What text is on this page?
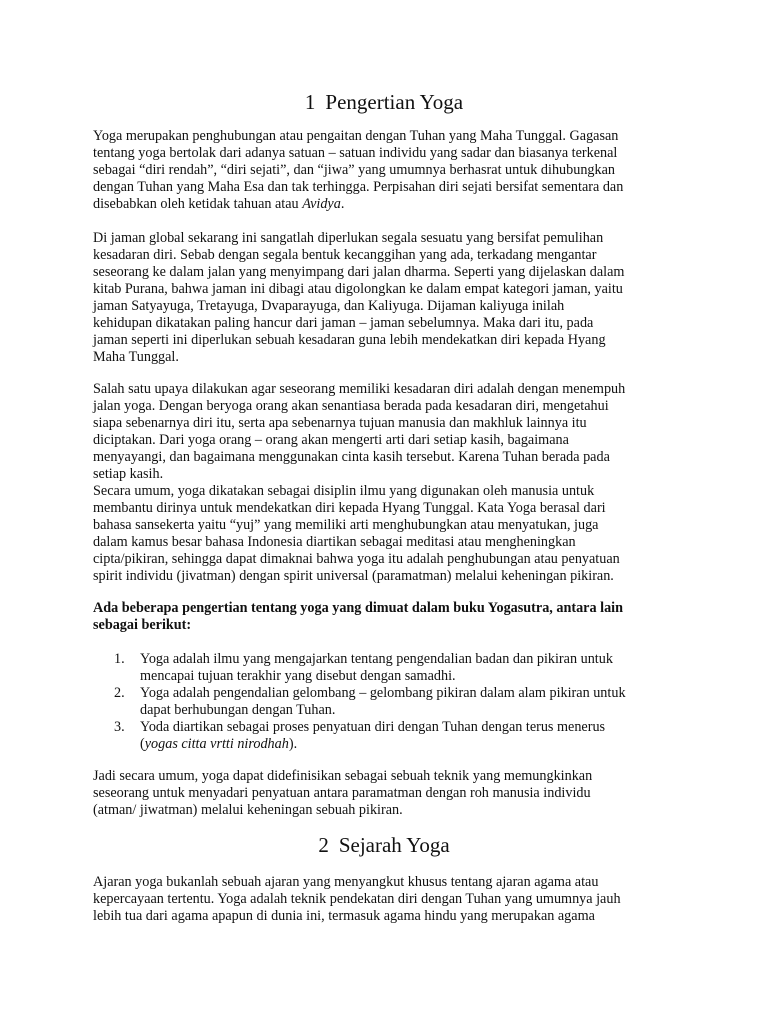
1 Pengertian Yoga
Yoga merupakan penghubungan atau pengaitan dengan Tuhan yang Maha Tunggal. Gagasan
tentang yoga bertolak dari adanya satuan – satuan individu yang sadar dan biasanya terkenal
sebagai “diri rendah”, “diri sejati”, dan “jiwa” yang umumnya berhasrat untuk dihubungkan
dengan Tuhan yang Maha Esa dan tak terhingga. Perpisahan diri sejati bersifat sementara dan
disebabkan oleh ketidak tahuan atau Avidya.
Di jaman global sekarang ini sangatlah diperlukan segala sesuatu yang bersifat pemulihan
kesadaran diri. Sebab dengan segala bentuk kecanggihan yang ada, terkadang mengantar
seseorang ke dalam jalan yang menyimpang dari jalan dharma. Seperti yang dijelaskan dalam
kitab Purana, bahwa jaman ini dibagi atau digolongkan ke dalam empat kategori jaman, yaitu
jaman Satyayuga, Tretayuga, Dvaparayuga, dan Kaliyuga. Dijaman kaliyuga inilah
kehidupan dikatakan paling hancur dari jaman – jaman sebelumnya. Maka dari itu, pada
jaman seperti ini diperlukan sebuah kesadaran guna lebih mendekatkan diri kepada Hyang
Maha Tunggal.
Salah satu upaya dilakukan agar seseorang memiliki kesadaran diri adalah dengan menempuh
jalan yoga. Dengan beryoga orang akan senantiasa berada pada kesadaran diri, mengetahui
siapa sebenarnya diri itu, serta apa sebenarnya tujuan manusia dan makhluk lainnya itu
diciptakan. Dari yoga orang – orang akan mengerti arti dari setiap kasih, bagaimana
menyayangi, dan bagaimana menggunakan cinta kasih tersebut. Karena Tuhan berada pada
setiap kasih.
Secara umum, yoga dikatakan sebagai disiplin ilmu yang digunakan oleh manusia untuk
membantu dirinya untuk mendekatkan diri kepada Hyang Tunggal. Kata Yoga berasal dari
bahasa sansekerta yaitu “yuj” yang memiliki arti menghubungkan atau menyatukan, juga
dalam kamus besar bahasa Indonesia diartikan sebagai meditasi atau mengheningkan
cipta/pikiran, sehingga dapat dimaknai bahwa yoga itu adalah penghubungan atau penyatuan
spirit individu (jivatman) dengan spirit universal (paramatman) melalui keheningan pikiran.
Ada beberapa pengertian tentang yoga yang dimuat dalam buku Yogasutra, antara lain
sebagai berikut:
1. Yoga adalah ilmu yang mengajarkan tentang pengendalian badan dan pikiran untuk
mencapai tujuan terakhir yang disebut dengan samadhi.
2. Yoga adalah pengendalian gelombang – gelombang pikiran dalam alam pikiran untuk
dapat berhubungan dengan Tuhan.
3. Yoda diartikan sebagai proses penyatuan diri dengan Tuhan dengan terus menerus
(yogas citta vrtti nirodhah).
Jadi secara umum, yoga dapat didefinisikan sebagai sebuah teknik yang memungkinkan
seseorang untuk menyadari penyatuan antara paramatman dengan roh manusia individu
(atman/ jiwatman) melalui keheningan sebuah pikiran.
2 Sejarah Yoga
Ajaran yoga bukanlah sebuah ajaran yang menyangkut khusus tentang ajaran agama atau
kepercayaan tertentu. Yoga adalah teknik pendekatan diri dengan Tuhan yang umumnya jauh
lebih tua dari agama apapun di dunia ini, termasuk agama hindu yang merupakan agama
